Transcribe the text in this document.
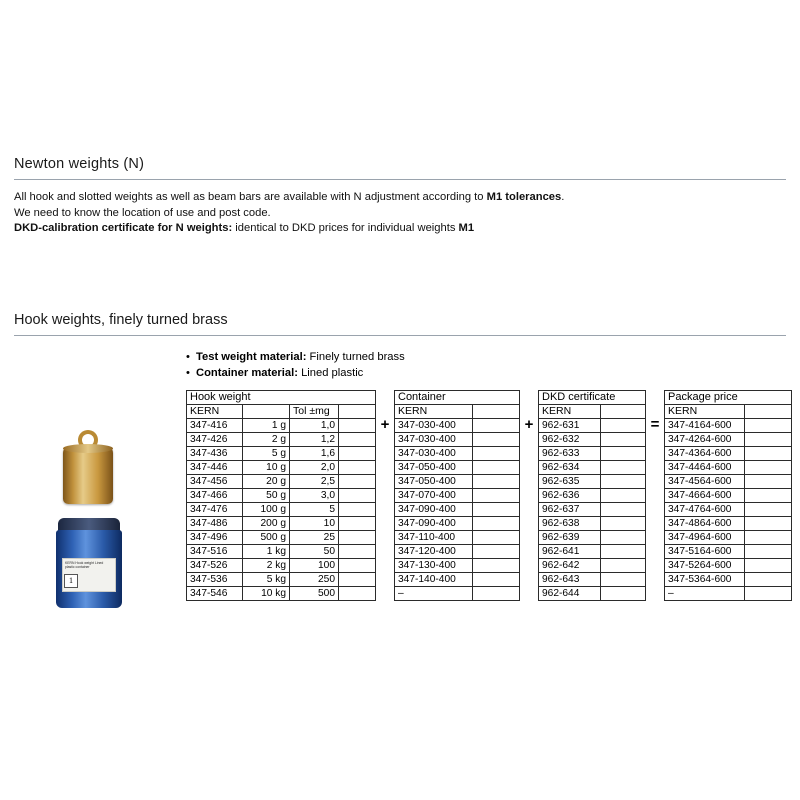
Newton weights (N)
All hook and slotted weights as well as beam bars are available with N adjustment according to M1 tolerances.
We need to know the location of use and post code.
DKD-calibration certificate for N weights: identical to DKD prices for individual weights M1
Hook weights, finely turned brass
• Test weight material: Finely turned brass
• Container material: Lined plastic
KERN Hook weight Lined plastic container
1
Hook weight			
KERN		Tol ±mg	
347-416	1 g	1,0	
347-426	2 g	1,2	
347-436	5 g	1,6	
347-446	10 g	2,0	
347-456	20 g	2,5	
347-466	50 g	3,0	
347-476	100 g	5	
347-486	200 g	10	
347-496	500 g	25	
347-516	1 kg	50	
347-526	2 kg	100	
347-536	5 kg	250	
347-546	10 kg	500	
+
Container	
KERN	
347-030-400	
347-030-400	
347-030-400	
347-050-400	
347-050-400	
347-070-400	
347-090-400	
347-090-400	
347-110-400	
347-120-400	
347-130-400	
347-140-400	
–	
+
DKD certificate	
KERN	
962-631	
962-632	
962-633	
962-634	
962-635	
962-636	
962-637	
962-638	
962-639	
962-641	
962-642	
962-643	
962-644	
=
Package price	
KERN	
347-4164-600	
347-4264-600	
347-4364-600	
347-4464-600	
347-4564-600	
347-4664-600	
347-4764-600	
347-4864-600	
347-4964-600	
347-5164-600	
347-5264-600	
347-5364-600	
–	
